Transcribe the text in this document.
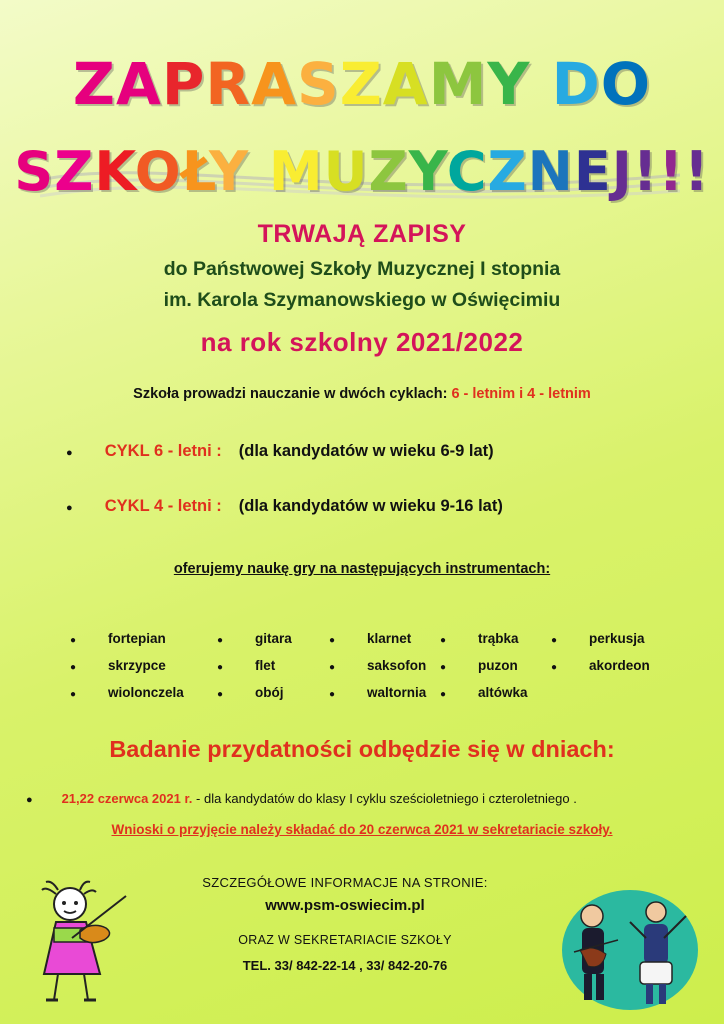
ZAPRASZAMY DO
SZKOŁY MUZYCZNEJ!!!
TRWAJĄ ZAPISY
do Państwowej Szkoły Muzycznej I stopnia
im. Karola Szymanowskiego w Oświęcimiu
na rok szkolny 2021/2022
Szkoła prowadzi nauczanie w dwóch cyklach: 6 - letnim i 4 - letnim
● CYKL 6 - letni :(dla kandydatów w wieku 6-9 lat)
● CYKL 4 - letni :(dla kandydatów w wieku 9-16 lat)
oferujemy naukę gry na następujących instrumentach:
● fortepian
● skrzypce
● wiolonczela
● gitara
● flet
● obój
● klarnet
● saksofon
● waltornia
● trąbka
● puzon
● altówka
● perkusja
● akordeon
Badanie przydatności odbędzie się w dniach:
● 21,22 czerwca 2021 r. - dla kandydatów do klasy I cyklu sześcioletniego i czteroletniego .
Wnioski o przyjęcie należy składać do 20 czerwca 2021 w sekretariacie szkoły.
SZCZEGÓŁOWE INFORMACJE NA STRONIE:
www.psm-oswiecim.pl
ORAZ W SEKRETARIACIE SZKOŁY
TEL. 33/ 842-22-14 , 33/ 842-20-76
